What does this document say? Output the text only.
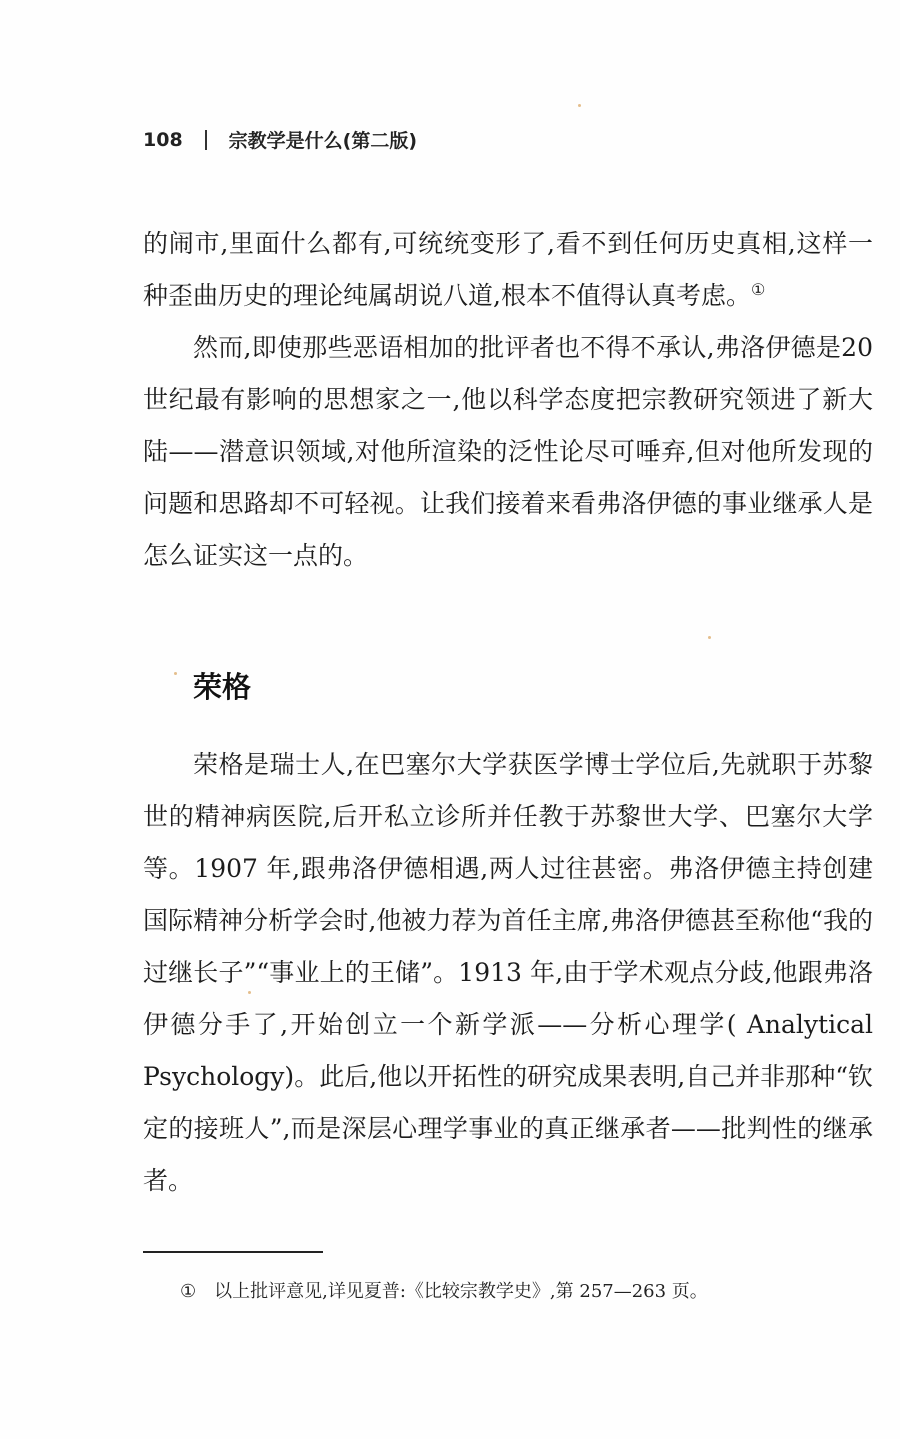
108 宗教学是什么(第二版)

的闹市,里面什么都有,可统统变形了,看不到任何历史真相,这样一种歪曲历史的理论纯属胡说八道,根本不值得认真考虑。①

然而,即使那些恶语相加的批评者也不得不承认,弗洛伊德是20 世纪最有影响的思想家之一,他以科学态度把宗教研究领进了新大陆——潜意识领域,对他所渲染的泛性论尽可唾弃,但对他所发现的问题和思路却不可轻视。让我们接着来看弗洛伊德的事业继承人是怎么证实这一点的。

荣格

荣格是瑞士人,在巴塞尔大学获医学博士学位后,先就职于苏黎世的精神病医院,后开私立诊所并任教于苏黎世大学、巴塞尔大学等。1907 年,跟弗洛伊德相遇,两人过往甚密。弗洛伊德主持创建国际精神分析学会时,他被力荐为首任主席,弗洛伊德甚至称他“我的过继长子”“事业上的王储”。1913 年,由于学术观点分歧,他跟弗洛伊德分手了,开始创立一个新学派——分析心理学( Analytical Psychology)。此后,他以开拓性的研究成果表明,自己并非那种“钦定的接班人”,而是深层心理学事业的真正继承者——批判性的继承者。

① 以上批评意见,详见夏普:《比较宗教学史》,第 257—263 页。
